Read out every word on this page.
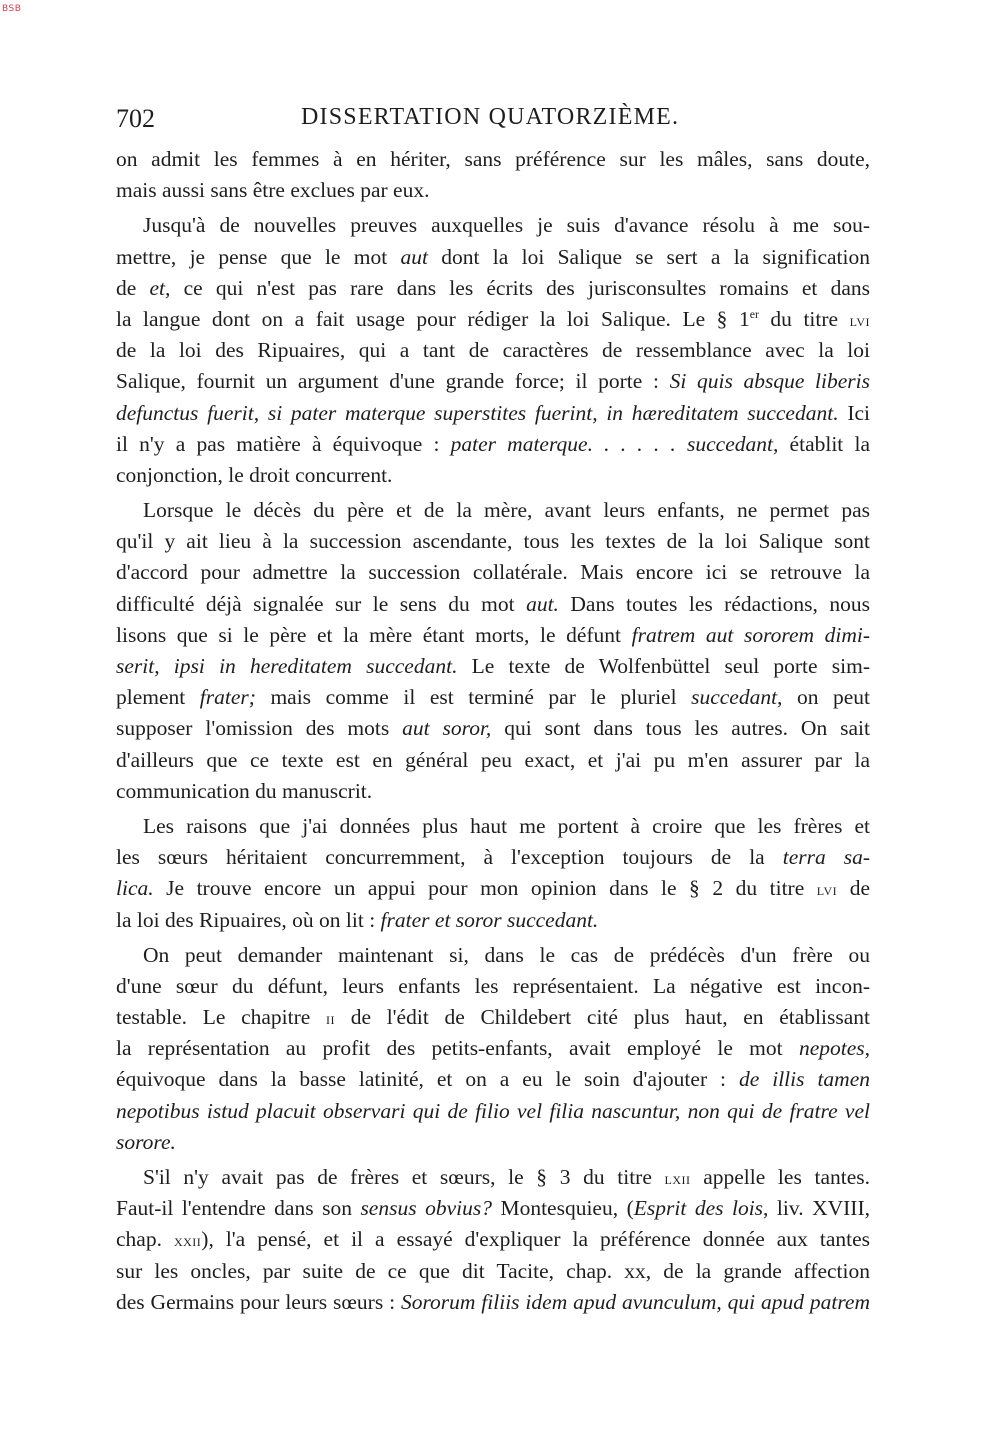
BSB
702	DISSERTATION QUATORZIÈME.
on admit les femmes à en hériter, sans préférence sur les mâles, sans doute,
mais aussi sans être exclues par eux.
Jusqu'à de nouvelles preuves auxquelles je suis d'avance résolu à me sou-
mettre, je pense que le mot aut dont la loi Salique se sert a la signification
de et, ce qui n'est pas rare dans les écrits des jurisconsultes romains et dans
la langue dont on a fait usage pour rédiger la loi Salique. Le § 1er du titre lvi
de la loi des Ripuaires, qui a tant de caractères de ressemblance avec la loi
Salique, fournit un argument d'une grande force; il porte : Si quis absque liberis
defunctus fuerit, si pater materque superstites fuerint, in hæreditatem succedant. Ici
il n'y a pas matière à équivoque : pater materque. . . . . . succedant, établit la
conjonction, le droit concurrent.
Lorsque le décès du père et de la mère, avant leurs enfants, ne permet pas
qu'il y ait lieu à la succession ascendante, tous les textes de la loi Salique sont
d'accord pour admettre la succession collatérale. Mais encore ici se retrouve la
difficulté déjà signalée sur le sens du mot aut. Dans toutes les rédactions, nous
lisons que si le père et la mère étant morts, le défunt fratrem aut sororem dimi-
serit, ipsi in hereditatem succedant. Le texte de Wolfenbüttel seul porte sim-
plement frater; mais comme il est terminé par le pluriel succedant, on peut
supposer l'omission des mots aut soror, qui sont dans tous les autres. On sait
d'ailleurs que ce texte est en général peu exact, et j'ai pu m'en assurer par la
communication du manuscrit.
Les raisons que j'ai données plus haut me portent à croire que les frères et
les sœurs héritaient concurremment, à l'exception toujours de la terra sa-
lica. Je trouve encore un appui pour mon opinion dans le § 2 du titre lvi de
la loi des Ripuaires, où on lit : frater et soror succedant.
On peut demander maintenant si, dans le cas de prédécès d'un frère ou
d'une sœur du défunt, leurs enfants les représentaient. La négative est incon-
testable. Le chapitre ii de l'édit de Childebert cité plus haut, en établissant
la représentation au profit des petits-enfants, avait employé le mot nepotes,
équivoque dans la basse latinité, et on a eu le soin d'ajouter : de illis tamen
nepotibus istud placuit observari qui de filio vel filia nascuntur, non qui de fratre vel
sorore.
S'il n'y avait pas de frères et sœurs, le § 3 du titre lxii appelle les tantes.
Faut-il l'entendre dans son sensus obvius? Montesquieu, (Esprit des lois, liv. XVIII,
chap. xxii), l'a pensé, et il a essayé d'expliquer la préférence donnée aux tantes
sur les oncles, par suite de ce que dit Tacite, chap. xx, de la grande affection
des Germains pour leurs sœurs : Sororum filiis idem apud avunculum, qui apud patrem
